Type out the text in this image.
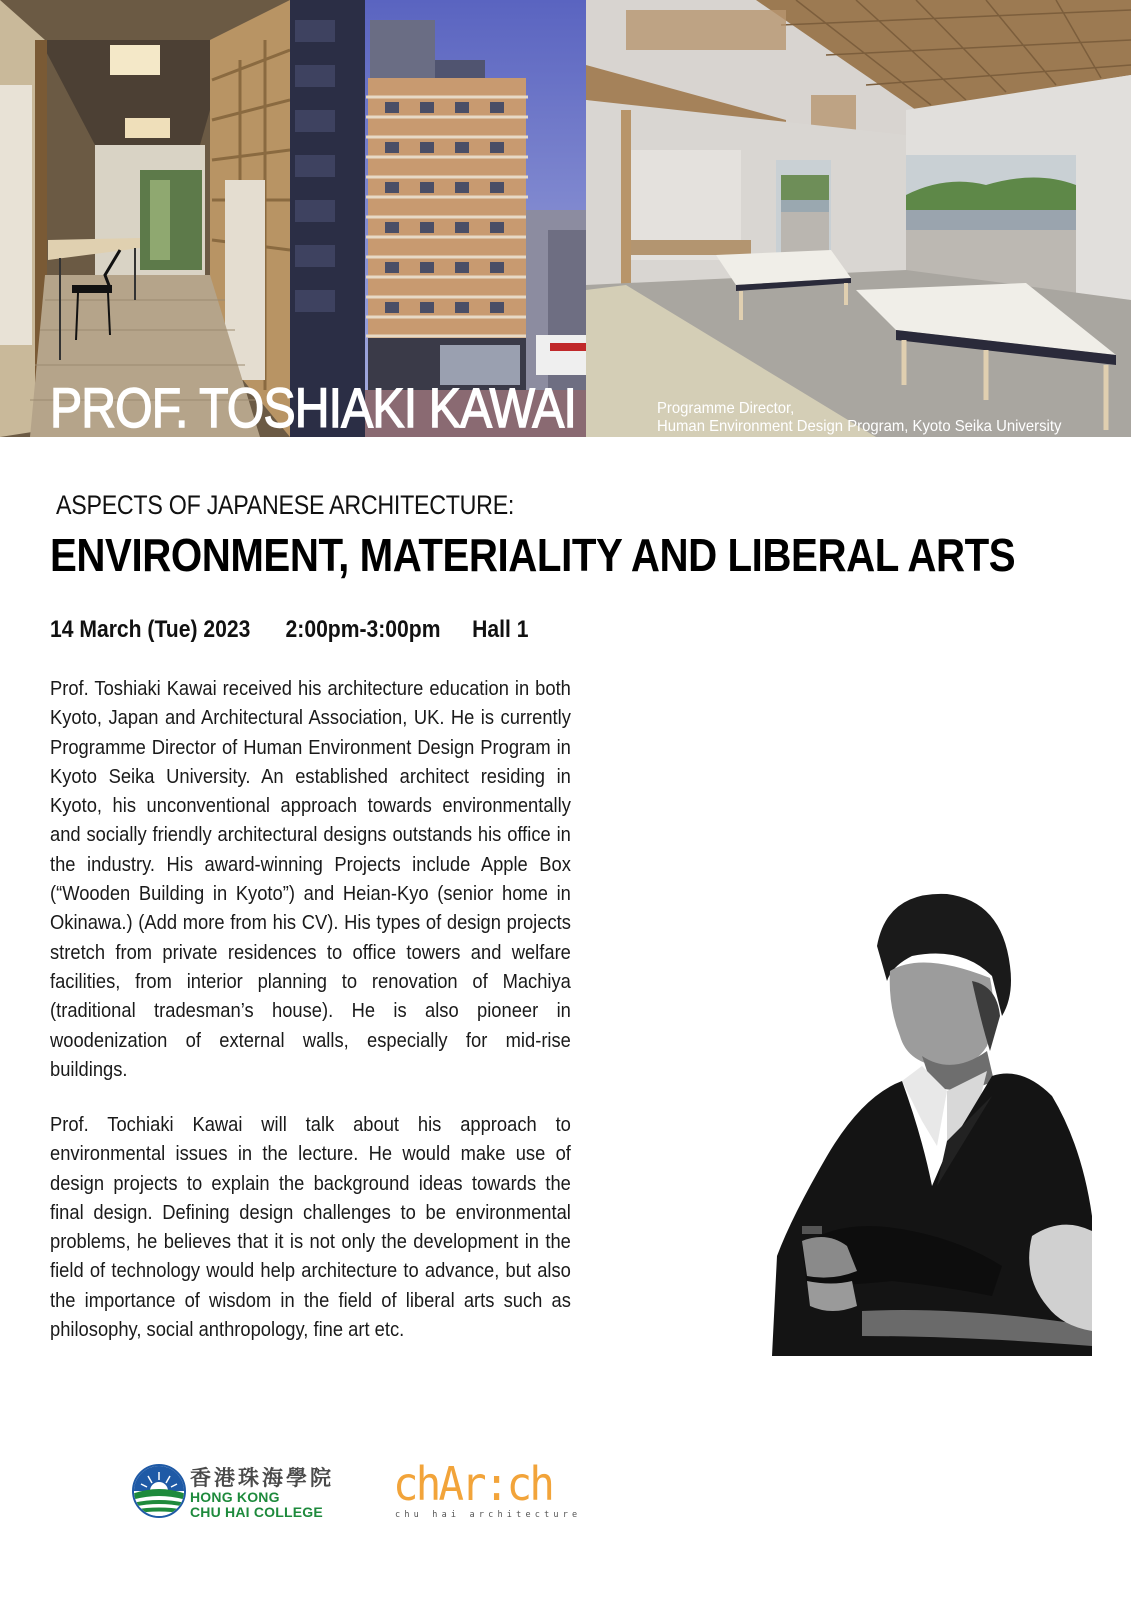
PROF. TOSHIAKI KAWAI	Programme Director,
Human Environment Design Program, Kyoto Seika University
ASPECTS OF JAPANESE ARCHITECTURE:
ENVIRONMENT, MATERIALITY AND LIBERAL ARTS
14 March (Tue) 2023 2:00pm-3:00pm Hall 1

Prof. Toshiaki Kawai received his architecture education in both Kyoto, Japan and Architectural Association, UK. He is currently Programme Director of Human Environment Design Program in Kyoto Seika University. An established architect residing in Kyoto, his unconventional approach towards environmentally and socially friendly architectural designs outstands his office in the industry. His award-winning Projects include Apple Box (“Wooden Building in Kyoto”) and Heian-Kyo (senior home in Okinawa.) (Add more from his CV). His types of design projects stretch from private residences to office towers and welfare facilities, from interior planning to renovation of Machiya (traditional tradesman’s house). He is also pioneer in woodenization of external walls, especially for mid-rise buildings.

Prof. Tochiaki Kawai will talk about his approach to environmental issues in the lecture. He would make use of design projects to explain the background ideas towards the final design. Defining design challenges to be environmental problems, he believes that it is not only the development in the field of technology would help architecture to advance, but also the importance of wisdom in the field of liberal arts such as philosophy, social anthropology, fine art etc.

香港珠海學院
HONG KONG
CHU HAI COLLEGE
chAr:ch
chu hai architecture
